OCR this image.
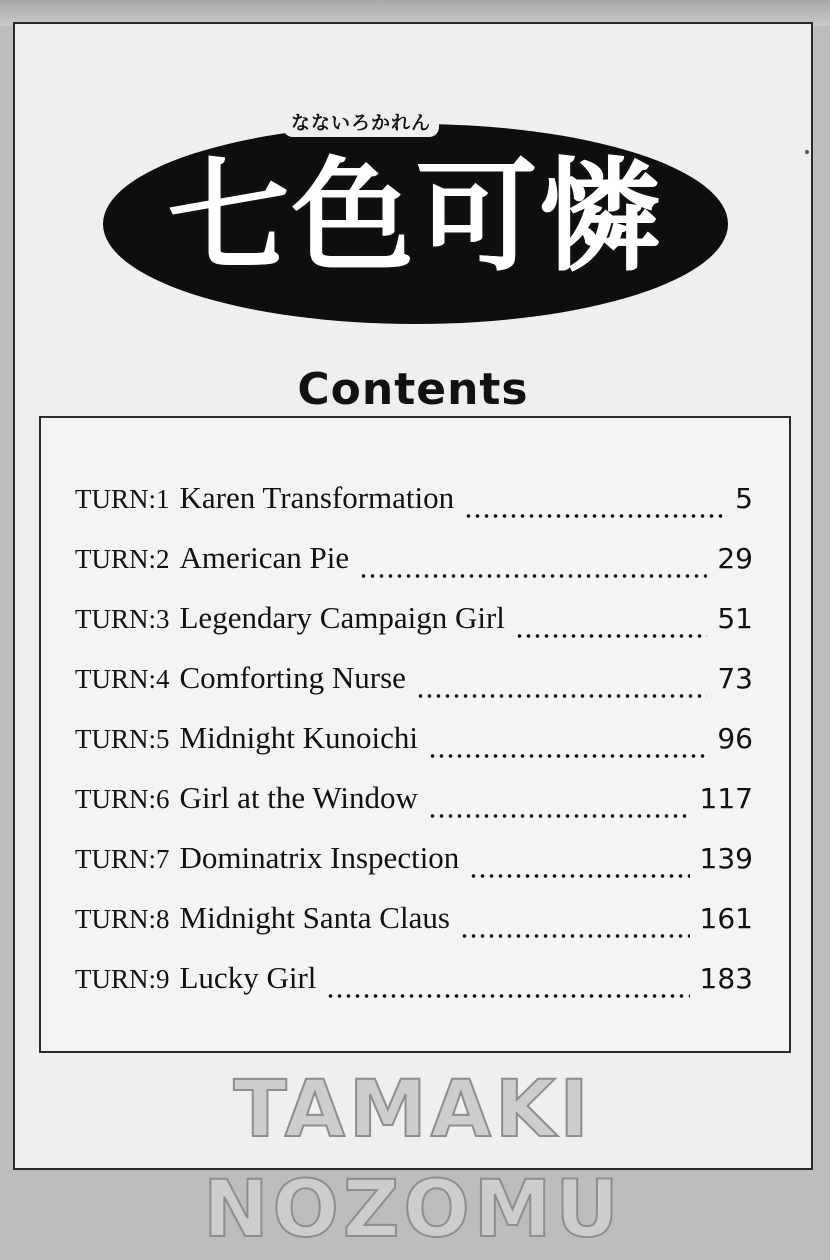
なないろかれん
七色可憐
Contents
TURN:1 Karen Transformation	5
TURN:2 American Pie	29
TURN:3 Legendary Campaign Girl	51
TURN:4 Comforting Nurse	73
TURN:5 Midnight Kunoichi	96
TURN:6 Girl at the Window	117
TURN:7 Dominatrix Inspection	139
TURN:8 Midnight Santa Claus	161
TURN:9 Lucky Girl	183
TAMAKI NOZOMU
